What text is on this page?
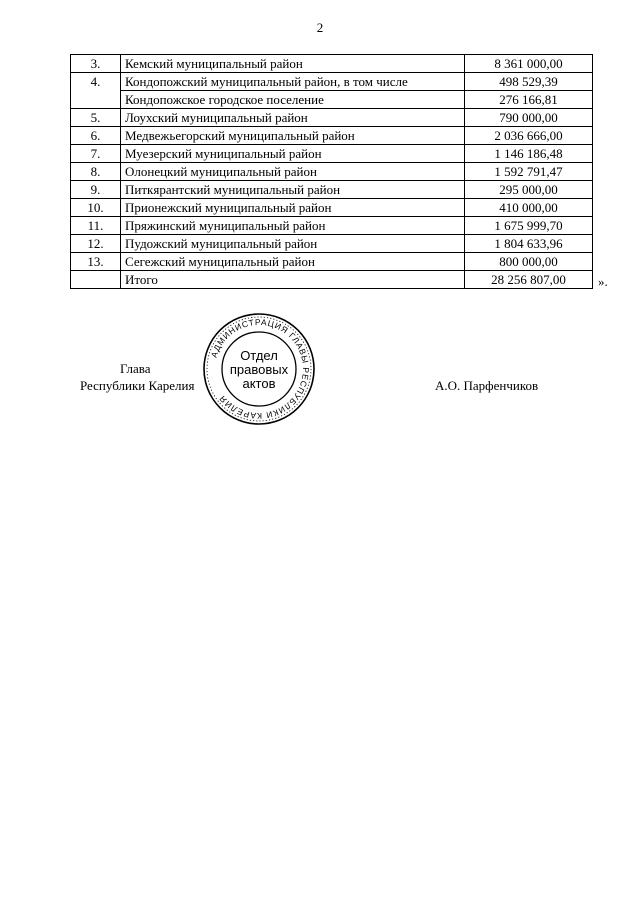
2
3.	Кемский муниципальный район	8 361 000,00
4.	Кондопожский муниципальный район, в том числе	498 529,39
	Кондопожское городское поселение	276 166,81
5.	Лоухский муниципальный район	790 000,00
6.	Медвежьегорский муниципальный район	2 036 666,00
7.	Муезерский муниципальный район	1 146 186,48
8.	Олонецкий муниципальный район	1 592 791,47
9.	Питкярантский муниципальный район	295 000,00
10.	Прионежский муниципальный район	410 000,00
11.	Пряжинский муниципальный район	1 675 999,70
12.	Пудожский муниципальный район	1 804 633,96
13.	Сегежский муниципальный район	800 000,00
	Итого	28 256 807,00 ».
Глава
Республики Карелия	А.О. Парфенчиков
АДМИНИСТРАЦИЯ ГЛАВЫ РЕСПУБЛИКИ КАРЕЛИЯ
Отдел
правовых
актов
